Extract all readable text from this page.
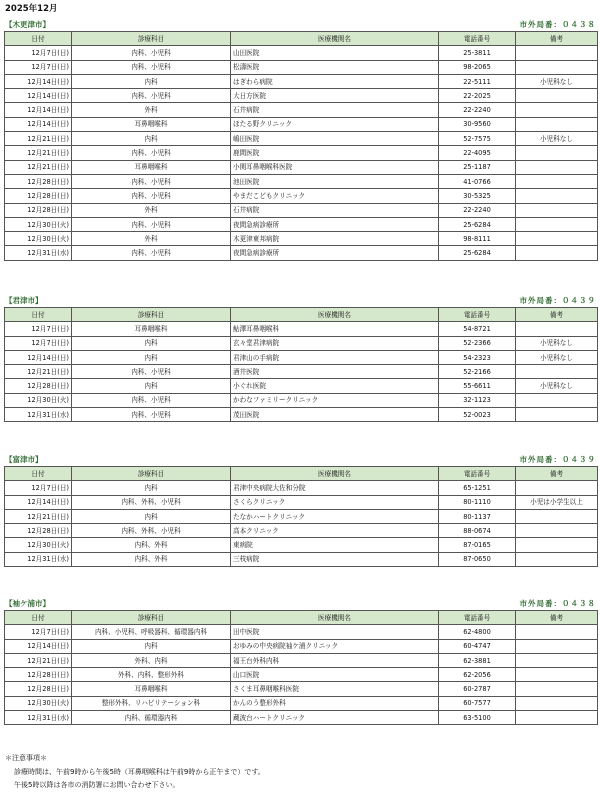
2025年12月
【木更津市】	市外局番：０４３８
日付	診療科目	医療機関名	電話番号	備考
12月7日(日)	内科、小児科	山田医院	25-3811	
12月7日(日)	内科、小児科	松濤医院	98-2065	
12月14日(日)	内科	はぎわら病院	22-5111	小児科なし
12月14日(日)	内科、小児科	大日方医院	22-2025	
12月14日(日)	外科	石井病院	22-2240	
12月14日(日)	耳鼻咽喉科	ほたる野クリニック	30-9560	
12月21日(日)	内科	嶋田医院	52-7575	小児科なし
12月21日(日)	内科、小児科	鹿間医院	22-4095	
12月21日(日)	耳鼻咽喉科	小関耳鼻咽喉科医院	25-1187	
12月28日(日)	内科、小児科	池田医院	41-0766	
12月28日(日)	内科、小児科	やまだこどもクリニック	30-5325	
12月28日(日)	外科	石井病院	22-2240	
12月30日(火)	内科、小児科	夜間急病診療所	25-6284	
12月30日(火)	外科	木更津東邦病院	98-8111	
12月31日(水)	内科、小児科	夜間急病診療所	25-6284	
【君津市】	市外局番：０４３９
日付	診療科目	医療機関名	電話番号	備考
12月7日(日)	耳鼻咽喉科	鮎澤耳鼻咽喉科	54-8721	
12月7日(日)	内科	玄々堂君津病院	52-2366	小児科なし
12月14日(日)	内科	君津山の手病院	54-2323	小児科なし
12月21日(日)	内科、小児科	酒井医院	52-2166	
12月28日(日)	内科	小ぐれ医院	55-6611	小児科なし
12月30日(火)	内科、小児科	かわなファミリークリニック	32-1123	
12月31日(水)	内科、小児科	茂田医院	52-0023	
【富津市】	市外局番：０４３９
日付	診療科目	医療機関名	電話番号	備考
12月7日(日)	内科	君津中央病院大佐和分院	65-1251	
12月14日(日)	内科、外科、小児科	さくらクリニック	80-1110	小児は小学生以上
12月21日(日)	内科	たなかハートクリニック	80-1137	
12月28日(日)	内科、外科、小児科	高本クリニック	88-0674	
12月30日(火)	内科、外科	東病院	87-0165	
12月31日(水)	内科、外科	三枝病院	87-0650	
【袖ケ浦市】	市外局番：０４３８
日付	診療科目	医療機関名	電話番号	備考
12月7日(日)	内科、小児科、呼吸器科、循環器内科	田中医院	62-4800	
12月14日(日)	内科	おゆみの中央病院袖ケ浦クリニック	60-4747	
12月21日(日)	外科、内科	福王台外科内科	62-3881	
12月28日(日)	外科、内科、整形外科	山口医院	62-2056	
12月28日(日)	耳鼻咽喉科	さくま耳鼻咽喉科医院	60-2787	
12月30日(火)	整形外科、リハビリテーション科	かんのう整形外科	60-7577	
12月31日(水)	内科、循環器内科	蔵波台ハートクリニック	63-5100	
＊注意事項＊
診療時間は、午前9時から午後5時（耳鼻咽喉科は午前9時から正午まで）です。
午後5時以降は各市の消防署にお問い合わせ下さい。
